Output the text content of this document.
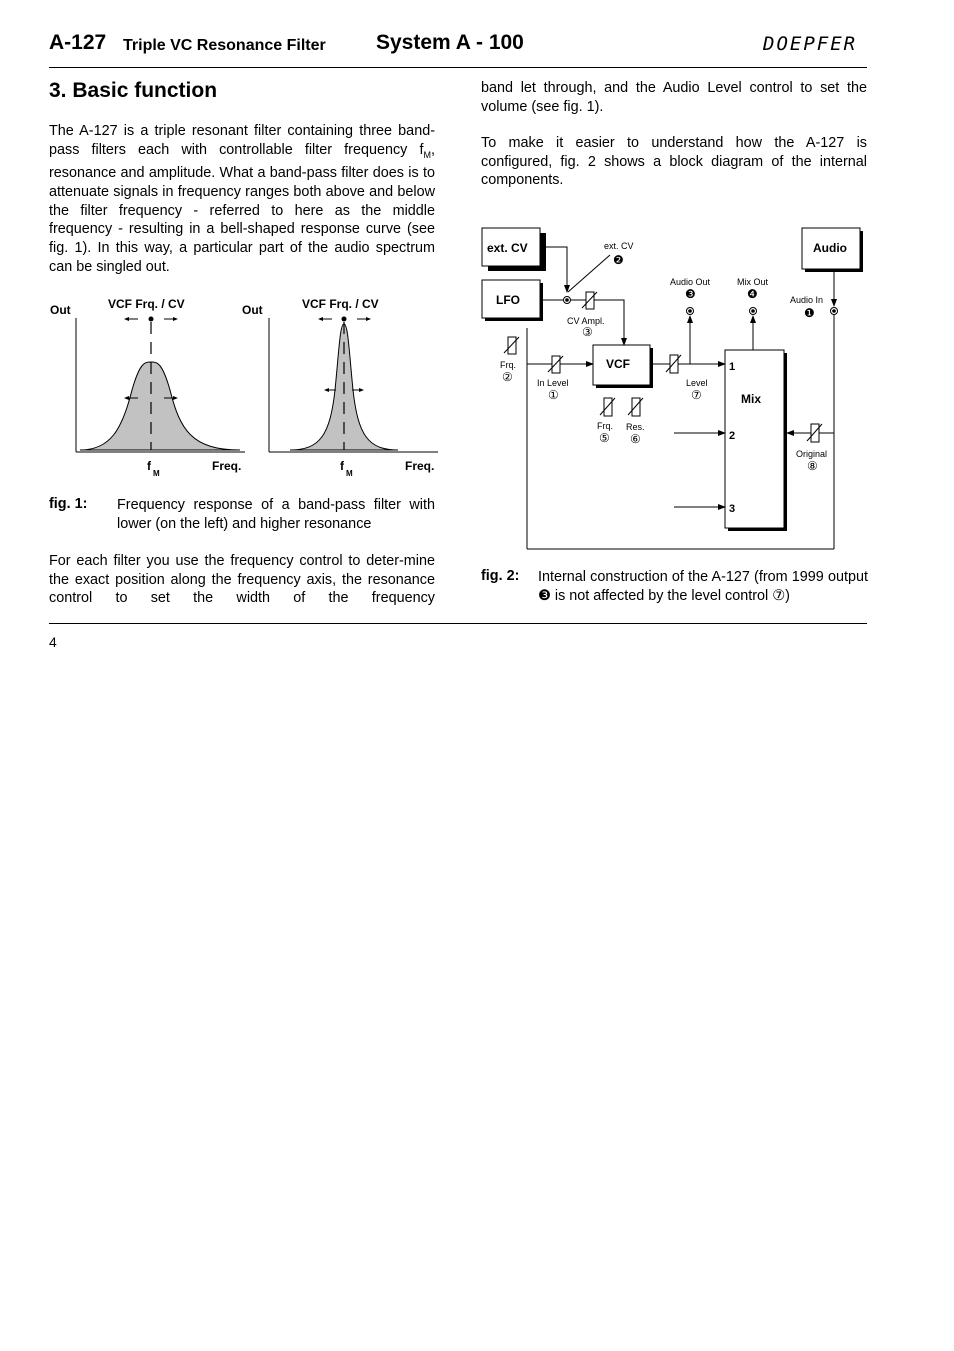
A-127 Triple VC Resonance Filter System A - 100	DOEPFER
3. Basic function
The A-127 is a triple resonant filter containing three band-pass filters each with controllable filter frequency $f_M$, resonance and amplitude. What a band-pass filter does is to attenuate signals in frequency ranges both above and below the filter frequency - referred to here as the middle frequency - resulting in a bell-shaped response curve (see fig. 1). In this way, a particular part of the audio spectrum can be singled out.
Out	VCF Frq. / CV
f
M
Freq.
Out	VCF Frq. / CV
f
M
Freq.
fig. 1: Frequency response of a band-pass filter with lower (on the left) and higher resonance
For each filter you use the frequency control to deter-mine the exact position along the frequency axis, the resonance control to set the width of the frequency
band let through, and the Audio Level control to set the volume (see fig. 1).
To make it easier to understand how the A-127 is configured, fig. 2 shows a block diagram of the internal components.
ext. CV
LFO
Audio
VCF
Mix
1
2
3
ext. CV
❷
CV Ampl.
③
Frq.
②	In Level
①
Frq.
⑤
Res.
⑥
Level
⑦
Audio Out
❸
Mix Out
❹	Audio In
❶
Original
⑧
fig. 2: Internal construction of the A-127 (from 1999 output ❸ is not affected by the level control ⑦)
4
